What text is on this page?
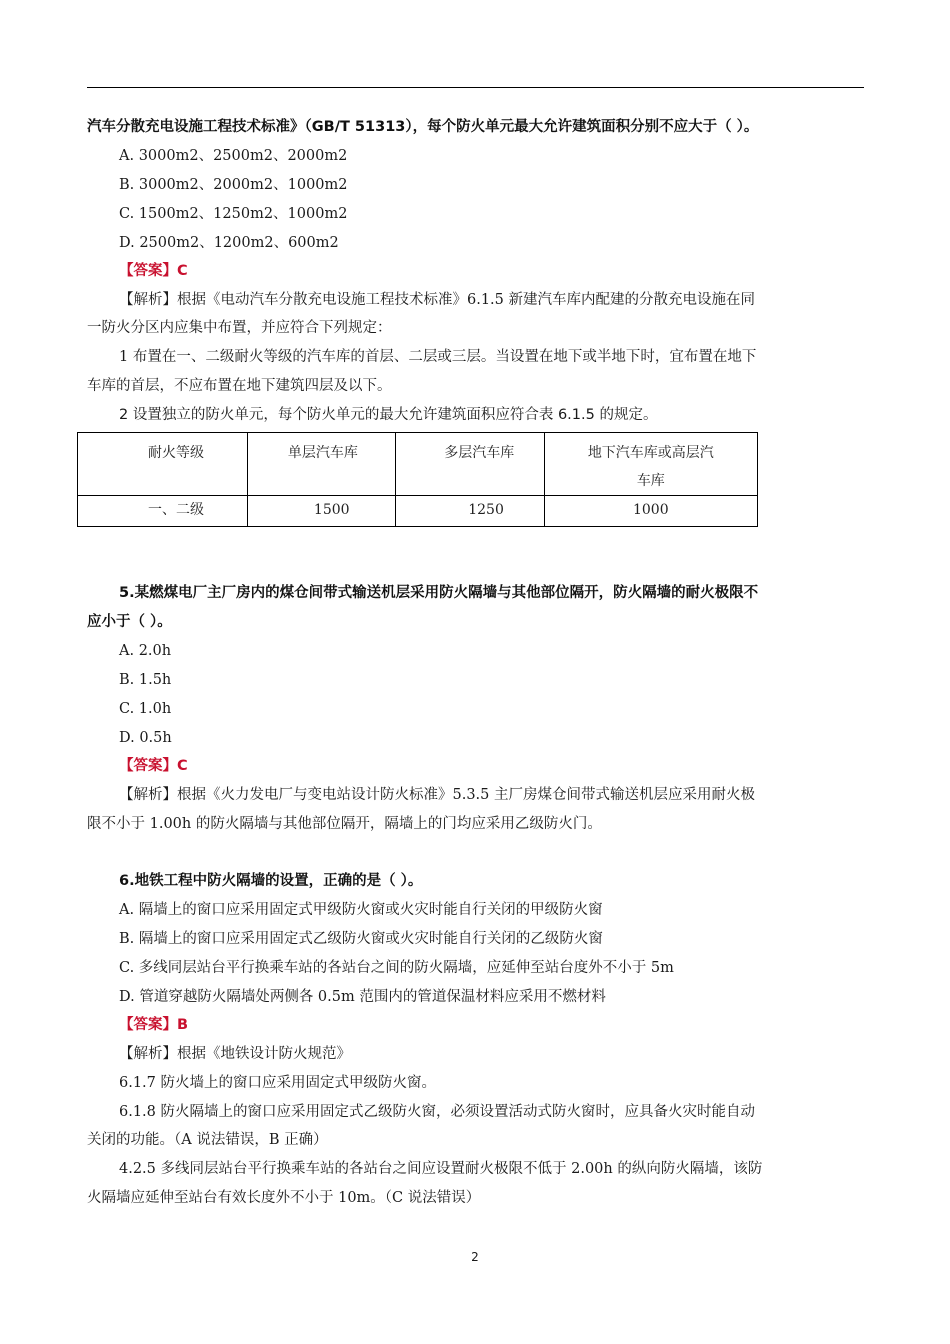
汽车分散充电设施工程技术标准》（GB/T 51313），每个防火单元最大允许建筑面积分别不应大于（ ）。
A. 3000m2、2500m2、2000m2
B. 3000m2、2000m2、1000m2
C. 1500m2、1250m2、1000m2
D. 2500m2、1200m2、600m2
【答案】C
【解析】根据《电动汽车分散充电设施工程技术标准》6.1.5 新建汽车库内配建的分散充电设施在同
一防火分区内应集中布置，并应符合下列规定：
1 布置在一、二级耐火等级的汽车库的首层、二层或三层。当设置在地下或半地下时，宜布置在地下
车库的首层，不应布置在地下建筑四层及以下。
2 设置独立的防火单元，每个防火单元的最大允许建筑面积应符合表 6.1.5 的规定。
耐火等级	单层汽车库	多层汽车库	地下汽车库或高层汽
车库

一、二级	1500	1250	1000
5.某燃煤电厂主厂房内的煤仓间带式输送机层采用防火隔墙与其他部位隔开，防火隔墙的耐火极限不
应小于（ ）。
A. 2.0h
B. 1.5h
C. 1.0h
D. 0.5h
【答案】C
【解析】根据《火力发电厂与变电站设计防火标准》5.3.5 主厂房煤仓间带式输送机层应采用耐火极
限不小于 1.00h 的防火隔墙与其他部位隔开，隔墙上的门均应采用乙级防火门。
6.地铁工程中防火隔墙的设置，正确的是（ ）。
A. 隔墙上的窗口应采用固定式甲级防火窗或火灾时能自行关闭的甲级防火窗
B. 隔墙上的窗口应采用固定式乙级防火窗或火灾时能自行关闭的乙级防火窗
C. 多线同层站台平行换乘车站的各站台之间的防火隔墙，应延伸至站台度外不小于 5m
D. 管道穿越防火隔墙处两侧各 0.5m 范围内的管道保温材料应采用不燃材料
【答案】B
【解析】根据《地铁设计防火规范》
6.1.7 防火墙上的窗口应采用固定式甲级防火窗。
6.1.8 防火隔墙上的窗口应采用固定式乙级防火窗，必须设置活动式防火窗时，应具备火灾时能自动
关闭的功能。（A 说法错误，B 正确）
4.2.5 多线同层站台平行换乘车站的各站台之间应设置耐火极限不低于 2.00h 的纵向防火隔墙，该防
火隔墙应延伸至站台有效长度外不小于 10m。（C 说法错误）
2
